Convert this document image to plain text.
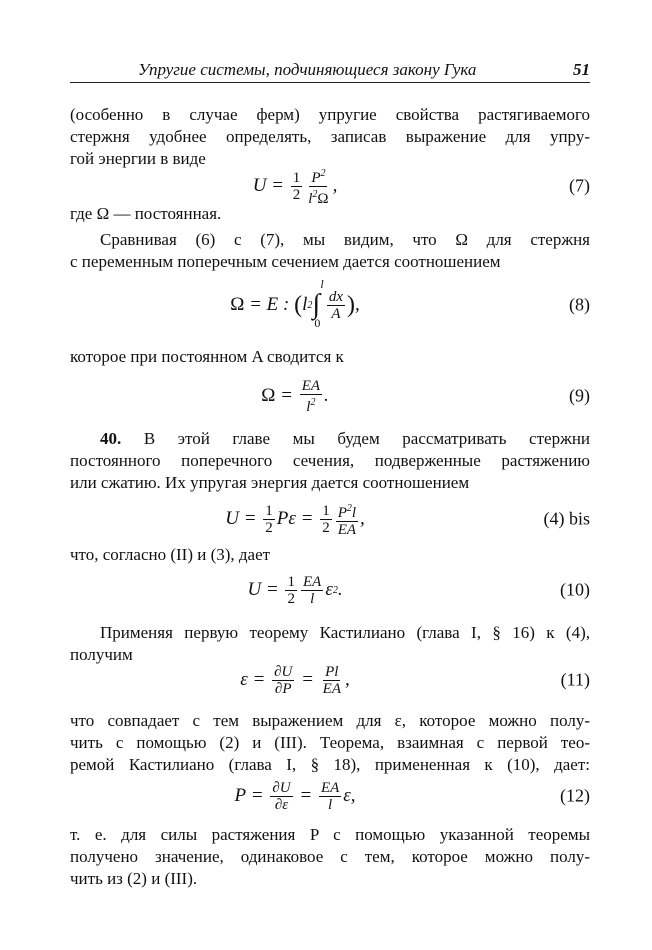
Упругие системы, подчиняющиеся закону Гука	51
(особенно в случае ферм) упругие свойства растягиваемого
стержня удобнее определять, записав выражение для упру-
гой энергии в виде
$U = \frac{1}{2} \frac{P^2}{l^2\Omega}$ ,	(7)
где Ω — постоянная.
Сравнивая (6) с (7), мы видим, что Ω для стержня
с переменным поперечным сечением дается соотношением
Ω = E : ( l 2 ∫
l
0

$\frac{dx}{A}$ ) ,	(8)
которое при постоянном A сводится к
$\Omega = \frac{EA}{l^2}$ .	(9)
40. В этой главе мы будем рассматривать стержни
постоянного поперечного сечения, подверженные растяжению
или сжатию. Их упругая энергия дается соотношением
$U = \frac{1}{2}$ $P\varepsilon = \frac{1}{2} \frac{P^2l}{EA}$ ,	(4) bis
что, согласно (II) и (3), дает
$U = \frac{1}{2} \frac{EA}{l}$ ε 2 .	(10)
Применяя первую теорему Кастилиано (глава I, § 16) к (4),
получим
$\varepsilon = \frac{\partial U}{\partial P} = \frac{Pl}{EA}$ ,	(11)
что совпадает с тем выражением для ε, которое можно полу-
чить с помощью (2) и (III). Теорема, взаимная с первой тео-
ремой Кастилиано (глава I, § 18), примененная к (10), дает:
$P = \frac{\partial U}{\partial\varepsilon} = \frac{EA}{l} \varepsilon$,	(12)
т. е. для силы растяжения P с помощью указанной теоремы
получено значение, одинаковое с тем, которое можно полу-
чить из (2) и (III).
